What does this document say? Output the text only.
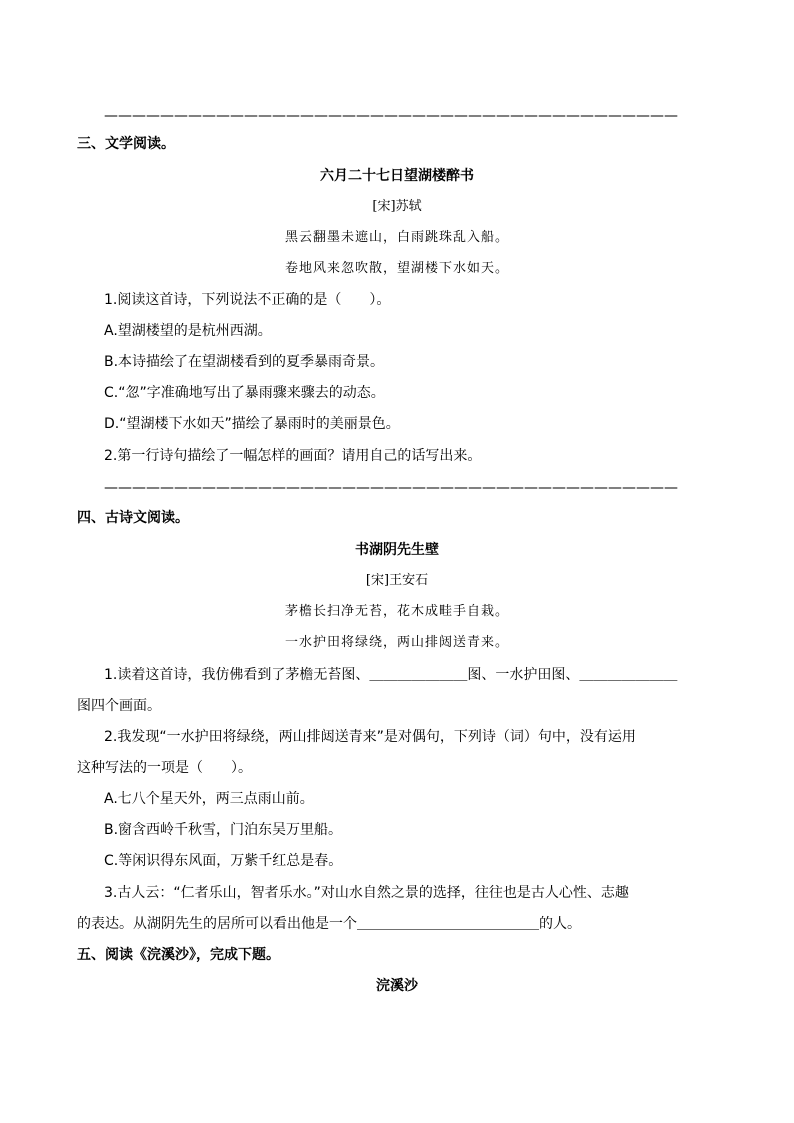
—————————————————————————————————————————
三、文学阅读。
六月二十七日望湖楼醉书
[宋]苏轼
黑云翻墨未遮山，白雨跳珠乱入船。
卷地风来忽吹散，望湖楼下水如天。
1.阅读这首诗，下列说法不正确的是（　　）。
A.望湖楼望的是杭州西湖。
B.本诗描绘了在望湖楼看到的夏季暴雨奇景。
C.“忽”字准确地写出了暴雨骤来骤去的动态。
D.“望湖楼下水如天”描绘了暴雨时的美丽景色。
2.第一行诗句描绘了一幅怎样的画面？请用自己的话写出来。
—————————————————————————————————————————
四、古诗文阅读。
书湖阴先生壁
[宋]王安石
茅檐长扫净无苔，花木成畦手自栽。
一水护田将绿绕，两山排闼送青来。
1.读着这首诗，我仿佛看到了茅檐无苔图、＿＿＿＿＿＿＿图、一水护田图、＿＿＿＿＿＿＿
图四个画面。
2.我发现“一水护田将绿绕，两山排闼送青来”是对偶句，下列诗（词）句中，没有运用
这种写法的一项是（　　）。
A.七八个星天外，两三点雨山前。
B.窗含西岭千秋雪，门泊东吴万里船。
C.等闲识得东风面，万紫千红总是春。
3.古人云：“仁者乐山，智者乐水。”对山水自然之景的选择，往往也是古人心性、志趣
的表达。从湖阴先生的居所可以看出他是一个＿＿＿＿＿＿＿＿＿＿＿＿＿的人。
五、阅读《浣溪沙》，完成下题。
浣溪沙
